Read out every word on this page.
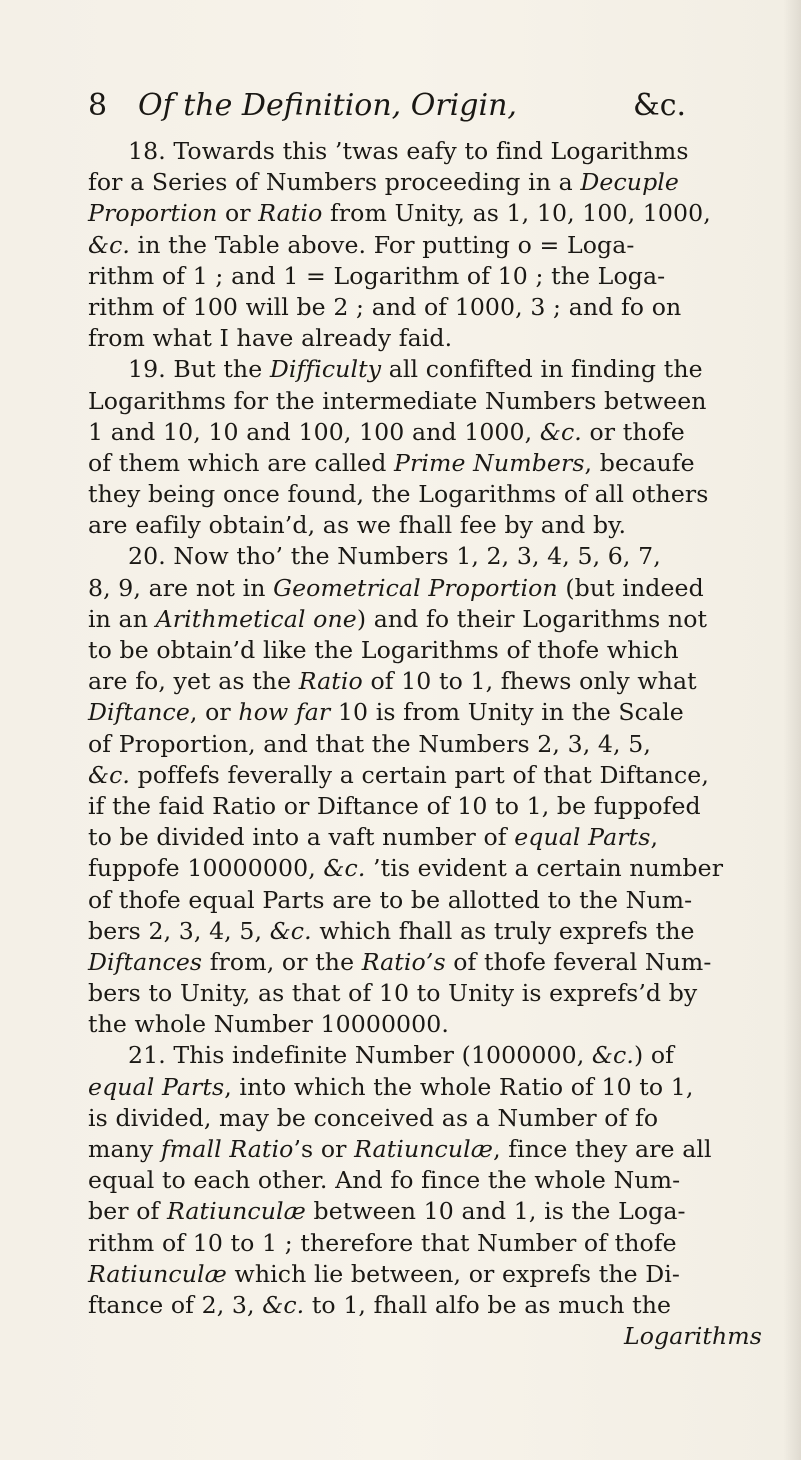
8 Of the Definition, Origin,	&c.
18. Towards this ’twas eafy to find Logarithms
for a Series of Numbers proceeding in a Decuple
Proportion or Ratio from Unity, as 1, 10, 100, 1000,
&c. in the Table above. For putting o = Loga-
rithm of 1 ; and 1 = Logarithm of 10 ; the Loga-
rithm of 100 will be 2 ; and of 1000, 3 ; and fo on
from what I have already faid.
19. But the Difficulty all confifted in finding the
Logarithms for the intermediate Numbers between
1 and 10, 10 and 100, 100 and 1000, &c. or thofe
of them which are called Prime Numbers, becaufe
they being once found, the Logarithms of all others
are eafily obtain’d, as we fhall fee by and by.
20. Now tho’ the Numbers 1, 2, 3, 4, 5, 6, 7,
8, 9, are not in Geometrical Proportion (but indeed
in an Arithmetical one) and fo their Logarithms not
to be obtain’d like the Logarithms of thofe which
are fo, yet as the Ratio of 10 to 1, fhews only what
Diftance, or how far 10 is from Unity in the Scale
of Proportion, and that the Numbers 2, 3, 4, 5,
&c. poffefs feverally a certain part of that Diftance,
if the faid Ratio or Diftance of 10 to 1, be fuppofed
to be divided into a vaft number of equal Parts,
fuppofe 10000000, &c. ’tis evident a certain number
of thofe equal Parts are to be allotted to the Num-
bers 2, 3, 4, 5, &c. which fhall as truly exprefs the
Diftances from, or the Ratio’s of thofe feveral Num-
bers to Unity, as that of 10 to Unity is exprefs’d by
the whole Number 10000000.
21. This indefinite Number (1000000, &c.) of
equal Parts, into which the whole Ratio of 10 to 1,
is divided, may be conceived as a Number of fo
many fmall Ratio’s or Ratiunculæ, fince they are all
equal to each other. And fo fince the whole Num-
ber of Ratiunculæ between 10 and 1, is the Loga-
rithm of 10 to 1 ; therefore that Number of thofe
Ratiunculæ which lie between, or exprefs the Di-
ftance of 2, 3, &c. to 1, fhall alfo be as much the
Logarithms
